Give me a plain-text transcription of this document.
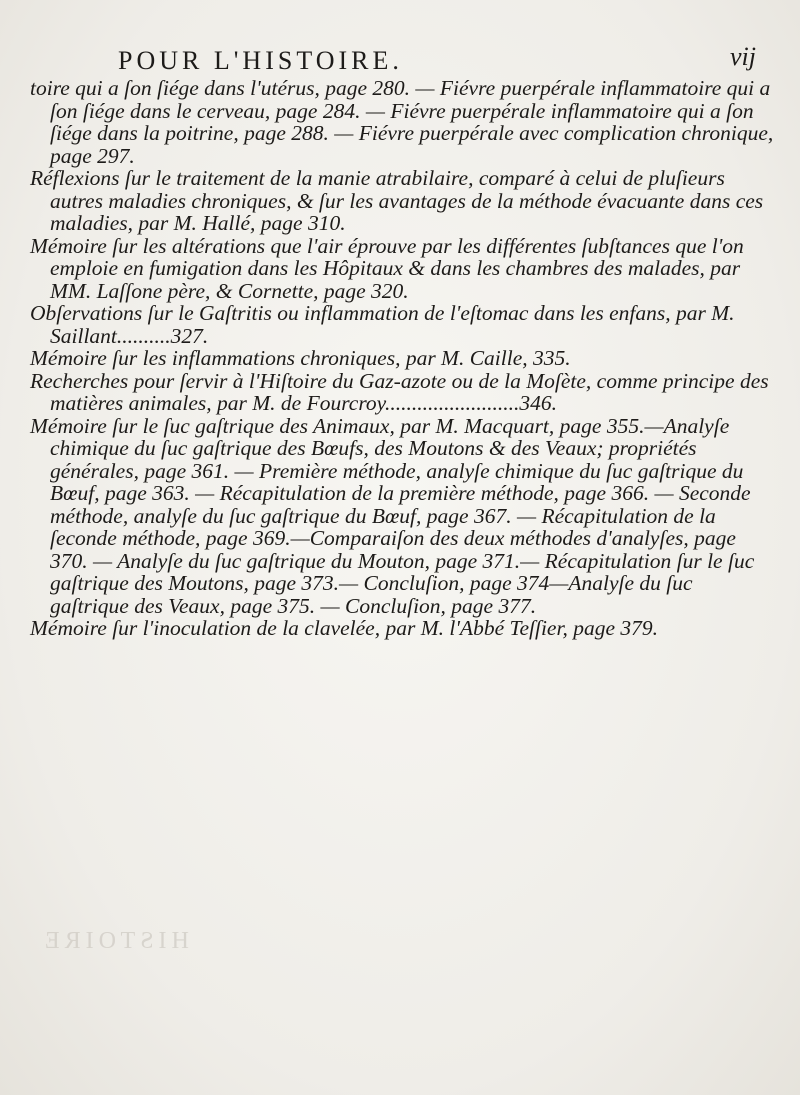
POUR L'HISTOIRE.	vij

toire qui a ſon ſiége dans l'utérus, page 280. — Fiévre puerpérale inflammatoire qui a ſon ſiége dans le cerveau, page 284. — Fiévre puerpérale inflammatoire qui a ſon ſiége dans la poitrine, page 288. — Fiévre puerpérale avec complication chronique, page 297.

Réflexions ſur le traitement de la manie atrabilaire, comparé à celui de pluſieurs autres maladies chroniques, & ſur les avantages de la méthode évacuante dans ces maladies, par M. Hallé, page 310.

Mémoire ſur les altérations que l'air éprouve par les différentes ſubſtances que l'on emploie en fumigation dans les Hôpitaux & dans les chambres des malades, par MM. Laſſone père, & Cornette, page 320.

Obſervations ſur le Gaſtritis ou inflammation de l'eſtomac dans les enfans, par M. Saillant..........327.

Mémoire ſur les inflammations chroniques, par M. Caille, 335.

Recherches pour ſervir à l'Hiſtoire du Gaz-azote ou de la Moſète, comme principe des matières animales, par M. de Fourcroy.........................346.

Mémoire ſur le ſuc gaſtrique des Animaux, par M. Macquart, page 355.—Analyſe chimique du ſuc gaſtrique des Bœufs, des Moutons & des Veaux; propriétés générales, page 361. — Première méthode, analyſe chimique du ſuc gaſtrique du Bœuf, page 363. — Récapitulation de la première méthode, page 366. — Seconde méthode, analyſe du ſuc gaſtrique du Bœuf, page 367. — Récapitulation de la ſeconde méthode, page 369.—Comparaiſon des deux méthodes d'analyſes, page 370. — Analyſe du ſuc gaſtrique du Mouton, page 371.— Récapitulation ſur le ſuc gaſtrique des Moutons, page 373.— Concluſion, page 374—Analyſe du ſuc gaſtrique des Veaux, page 375. — Concluſion, page 377.

Mémoire ſur l'inoculation de la clavelée, par M. l'Abbé Teſſier, page 379.

HISTOIRE
